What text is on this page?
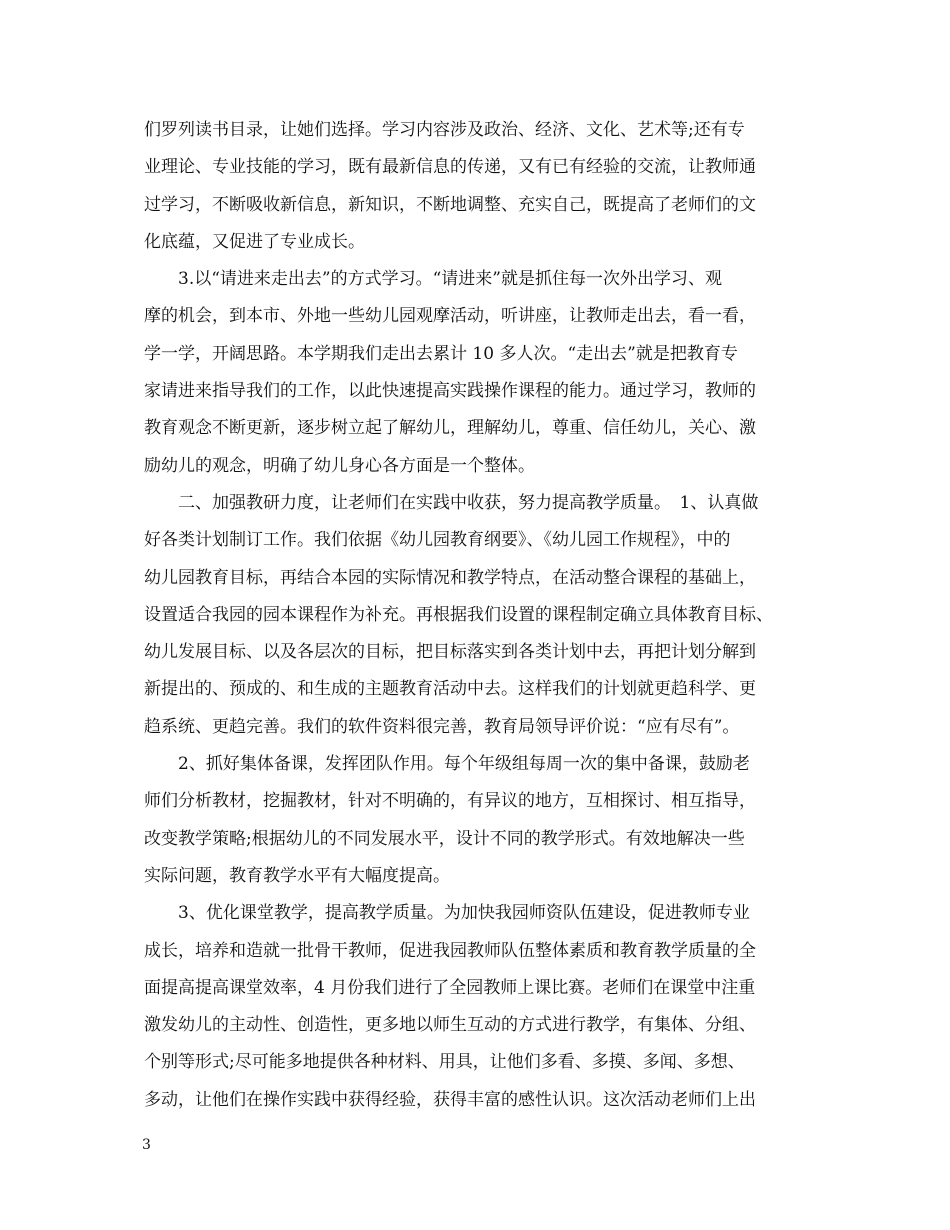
们罗列读书目录，让她们选择。学习内容涉及政治、经济、文化、艺术等;还有专
业理论、专业技能的学习，既有最新信息的传递，又有已有经验的交流，让教师通
过学习，不断吸收新信息，新知识，不断地调整、充实自己，既提高了老师们的文
化底蕴，又促进了专业成长。
　　3.以“请进来走出去”的方式学习。“请进来”就是抓住每一次外出学习、观
摩的机会，到本市、外地一些幼儿园观摩活动，听讲座，让教师走出去，看一看，
学一学，开阔思路。本学期我们走出去累计 10 多人次。“走出去”就是把教育专
家请进来指导我们的工作，以此快速提高实践操作课程的能力。通过学习，教师的
教育观念不断更新，逐步树立起了解幼儿，理解幼儿，尊重、信任幼儿，关心、激
励幼儿的观念，明确了幼儿身心各方面是一个整体。
　　二、加强教研力度，让老师们在实践中收获，努力提高教学质量。　1、认真做
好各类计划制订工作。我们依据《幼儿园教育纲要》、《幼儿园工作规程》，中的
幼儿园教育目标，再结合本园的实际情况和教学特点，在活动整合课程的基础上，
设置适合我园的园本课程作为补充。再根据我们设置的课程制定确立具体教育目标、
幼儿发展目标、以及各层次的目标，把目标落实到各类计划中去，再把计划分解到
新提出的、预成的、和生成的主题教育活动中去。这样我们的计划就更趋科学、更
趋系统、更趋完善。我们的软件资料很完善，教育局领导评价说：“应有尽有”。
　　2、抓好集体备课，发挥团队作用。每个年级组每周一次的集中备课，鼓励老
师们分析教材，挖掘教材，针对不明确的，有异议的地方，互相探讨、相互指导，
改变教学策略;根据幼儿的不同发展水平，设计不同的教学形式。有效地解决一些
实际问题，教育教学水平有大幅度提高。
　　3、优化课堂教学，提高教学质量。为加快我园师资队伍建设，促进教师专业
成长，培养和造就一批骨干教师，促进我园教师队伍整体素质和教育教学质量的全
面提高提高课堂效率，4 月份我们进行了全园教师上课比赛。老师们在课堂中注重
激发幼儿的主动性、创造性，更多地以师生互动的方式进行教学，有集体、分组、
个别等形式;尽可能多地提供各种材料、用具，让他们多看、多摸、多闻、多想、
多动，让他们在操作实践中获得经验，获得丰富的感性认识。这次活动老师们上出
3
